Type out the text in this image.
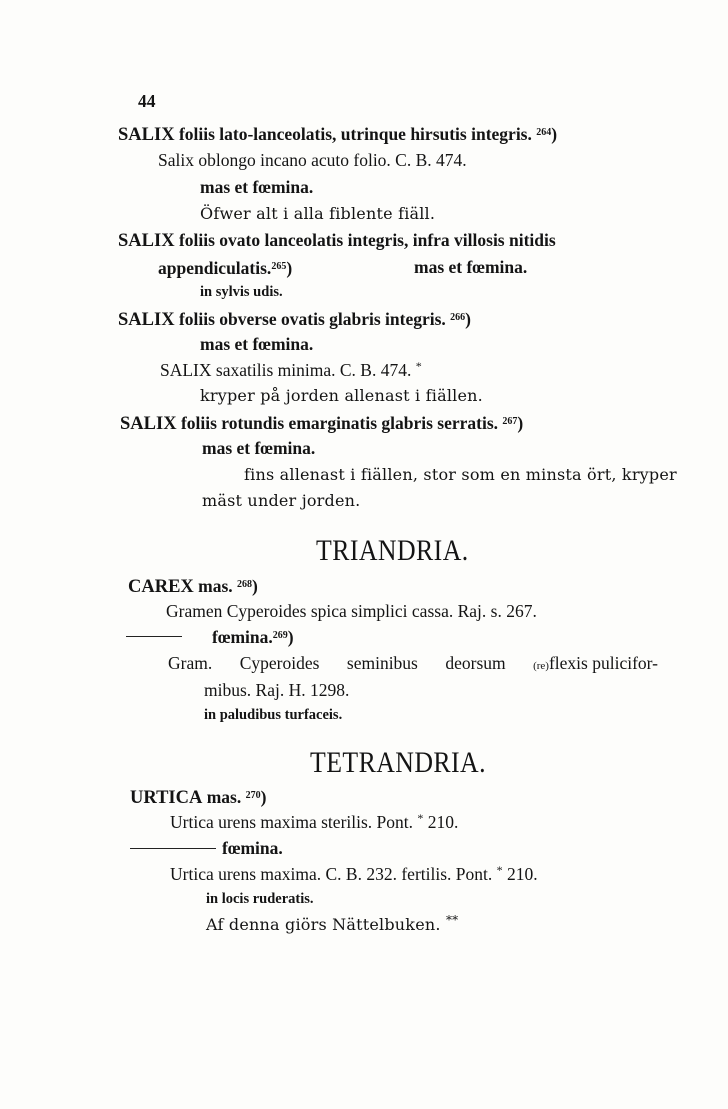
44
SALIX foliis lato-lanceolatis, utrinque hirsutis integris. $^{264}$)
Salix oblongo incano acuto folio. C. B. 474.
mas et fœmina.
Öfwer alt i alla fiblente fiäll.
SALIX foliis ovato lanceolatis integris, infra villosis nitidis
appendiculatis.$^{265}$)	mas et fœmina.
in sylvis udis.
SALIX foliis obverse ovatis glabris integris. $^{266}$)
mas et fœmina.
SALIX saxatilis minima. C. B. 474. *
kryper på jorden allenast i fiällen.
SALIX foliis rotundis emarginatis glabris serratis. $^{267}$)
mas et fœmina.
fins allenast i fiällen, stor som en minsta ört, kryper
mäst under jorden.
TRIANDRIA.
CAREX mas. $^{268}$)
Gramen Cyperoides spica simplici cassa. Raj. s. 267.
fœmina.$^{269}$)
Gram. Cyperoides seminibus deorsum (re)flexis pulicifor-
mibus. Raj. H. 1298.
in paludibus turfaceis.
TETRANDRIA.
URTICA mas. $^{270}$)
Urtica urens maxima sterilis. Pont. * 210.
fœmina.
Urtica urens maxima. C. B. 232. fertilis. Pont. * 210.
in locis ruderatis.
Af denna giörs Nättelbuken. **
